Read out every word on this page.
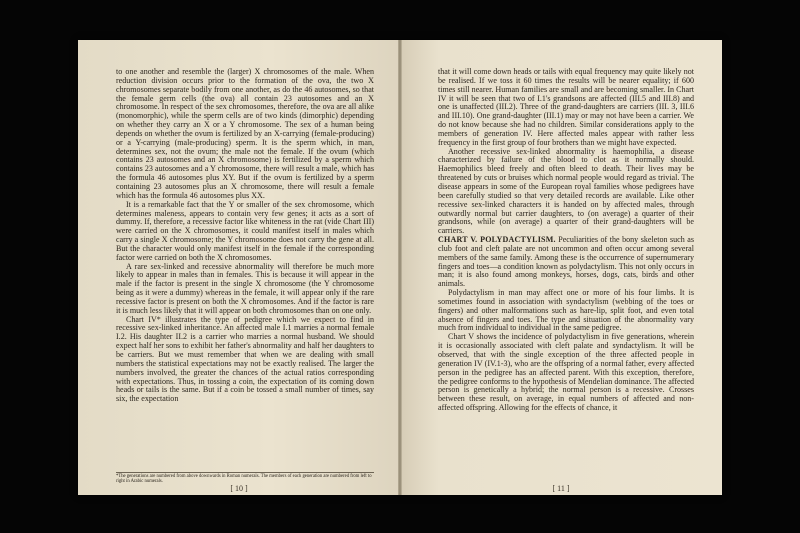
to one another and resemble the (larger) X chromosomes of the male. When reduction division occurs prior to the formation of the ova, the two X chromosomes separate bodily from one another, as do the 46 autosomes, so that the female germ cells (the ova) all contain 23 autosomes and an X chromosome. In respect of the sex chromosomes, therefore, the ova are all alike (monomorphic), while the sperm cells are of two kinds (dimorphic) depending on whether they carry an X or a Y chromosome. The sex of a human being depends on whether the ovum is fertilized by an X-carrying (female-producing) or a Y-carrying (male-producing) sperm. It is the sperm which, in man, determines sex, not the ovum; the male not the female. If the ovum (which contains 23 autosomes and an X chromosome) is fertilized by a sperm which contains 23 autosomes and a Y chromosome, there will result a male, which has the formula 46 autosomes plus XY. But if the ovum is fertilized by a sperm containing 23 autosomes plus an X chromosome, there will result a female which has the formula 46 autosomes plus XX.

It is a remarkable fact that the Y or smaller of the sex chromosome, which determines maleness, appears to contain very few genes; it acts as a sort of dummy. If, therefore, a recessive factor like whiteness in the rat (vide Chart III) were carried on the X chromosomes, it could manifest itself in males which carry a single X chromosome; the Y chromosome does not carry the gene at all. But the character would only manifest itself in the female if the corresponding factor were carried on both the X chromosomes.

A rare sex-linked and recessive abnormality will therefore be much more likely to appear in males than in females. This is because it will appear in the male if the factor is present in the single X chromosome (the Y chromosome being as it were a dummy) whereas in the female, it will appear only if the rare recessive factor is present on both the X chromosomes. And if the factor is rare it is much less likely that it will appear on both chromosomes than on one only.

Chart IV* illustrates the type of pedigree which we expect to find in recessive sex-linked inheritance. An affected male I.1 marries a normal female I.2. His daughter II.2 is a carrier who marries a normal husband. We should expect half her sons to exhibit her father's abnormality and half her daughters to be carriers. But we must remember that when we are dealing with small numbers the statistical expectations may not be exactly realised. The larger the numbers involved, the greater the chances of the actual ratios corresponding with expectations. Thus, in tossing a coin, the expectation of its coming down heads or tails is the same. But if a coin be tossed a small number of times, say six, the expectation

*The generations are numbered from above downwards in Roman numerals. The members of each generation are numbered from left to right in Arabic numerals.
[ 10 ]

that it will come down heads or tails with equal frequency may quite likely not be realised. If we toss it 60 times the results will be nearer equality; if 600 times still nearer. Human families are small and are becoming smaller. In Chart IV it will be seen that two of I.1's grandsons are affected (III.5 and III.8) and one is unaffected (III.2). Three of the grand-daughters are carriers (III. 3, III.6 and III.10). One grand-daughter (III.1) may or may not have been a carrier. We do not know because she had no children. Similar considerations apply to the members of generation IV. Here affected males appear with rather less frequency in the first group of four brothers than we might have expected.

Another recessive sex-linked abnormality is haemophilia, a disease characterized by failure of the blood to clot as it normally should. Haemophilics bleed freely and often bleed to death. Their lives may be threatened by cuts or bruises which normal people would regard as trivial. The disease appears in some of the European royal families whose pedigrees have been carefully studied so that very detailed records are available. Like other recessive sex-linked characters it is handed on by affected males, through outwardly normal but carrier daughters, to (on average) a quarter of their grandsons, while (on average) a quarter of their grand-daughters will be carriers.

CHART V. POLYDACTYLISM. Peculiarities of the bony skeleton such as club foot and cleft palate are not uncommon and often occur among several members of the same family. Among these is the occurrence of supernumerary fingers and toes—a condition known as polydactylism. This not only occurs in man; it is also found among monkeys, horses, dogs, cats, birds and other animals.

Polydactylism in man may affect one or more of his four limbs. It is sometimes found in association with syndactylism (webbing of the toes or fingers) and other malformations such as hare-lip, split foot, and even total absence of fingers and toes. The type and situation of the abnormality vary much from individual to individual in the same pedigree.

Chart V shows the incidence of polydactylism in five generations, wherein it is occasionally associated with cleft palate and syndactylism. It will be observed, that with the single exception of the three affected people in generation IV (IV.1-3), who are the offspring of a normal father, every affected person in the pedigree has an affected parent. With this exception, therefore, the pedigree conforms to the hypothesis of Mendelian dominance. The affected person is genetically a hybrid; the normal person is a recessive. Crosses between these result, on average, in equal numbers of affected and non-affected offspring. Allowing for the effects of chance, it

[ 11 ]
